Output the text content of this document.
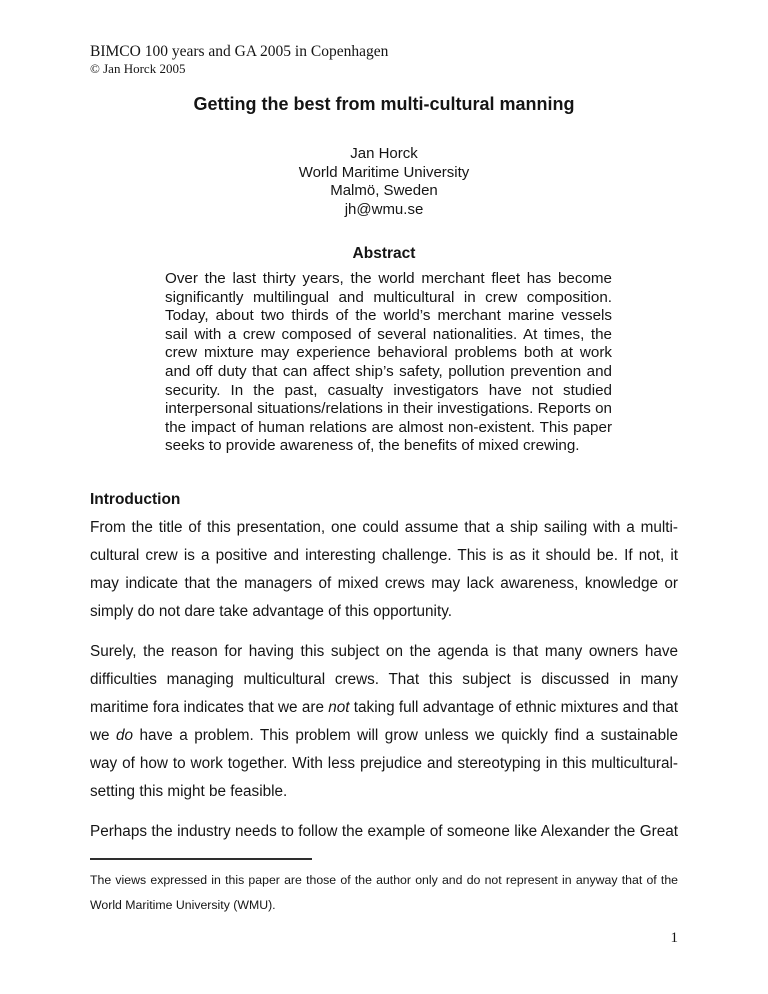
BIMCO 100 years and GA 2005 in Copenhagen
© Jan Horck 2005
Getting the best from multi-cultural manning
Jan Horck
World Maritime University
Malmö, Sweden
jh@wmu.se
Abstract

Over the last thirty years, the world merchant fleet has become significantly multilingual and multicultural in crew composition. Today, about two thirds of the world’s merchant marine vessels sail with a crew composed of several nationalities. At times, the crew mixture may experience behavioral problems both at work and off duty that can affect ship’s safety, pollution prevention and security. In the past, casualty investigators have not studied interpersonal situations/relations in their investigations. Reports on the impact of human relations are almost non-existent. This paper seeks to provide awareness of, the benefits of mixed crewing.

Introduction

From the title of this presentation, one could assume that a ship sailing with a multi-cultural crew is a positive and interesting challenge. This is as it should be. If not, it may indicate that the managers of mixed crews may lack awareness, knowledge or simply do not dare take advantage of this opportunity.

Surely, the reason for having this subject on the agenda is that many owners have difficulties managing multicultural crews. That this subject is discussed in many maritime fora indicates that we are not taking full advantage of ethnic mixtures and that we do have a problem. This problem will grow unless we quickly find a sustainable way of how to work together. With less prejudice and stereotyping in this multicultural-setting this might be feasible.

Perhaps the industry needs to follow the example of someone like Alexander the Great

The views expressed in this paper are those of the author only and do not represent in anyway that of the World Maritime University (WMU).

1
